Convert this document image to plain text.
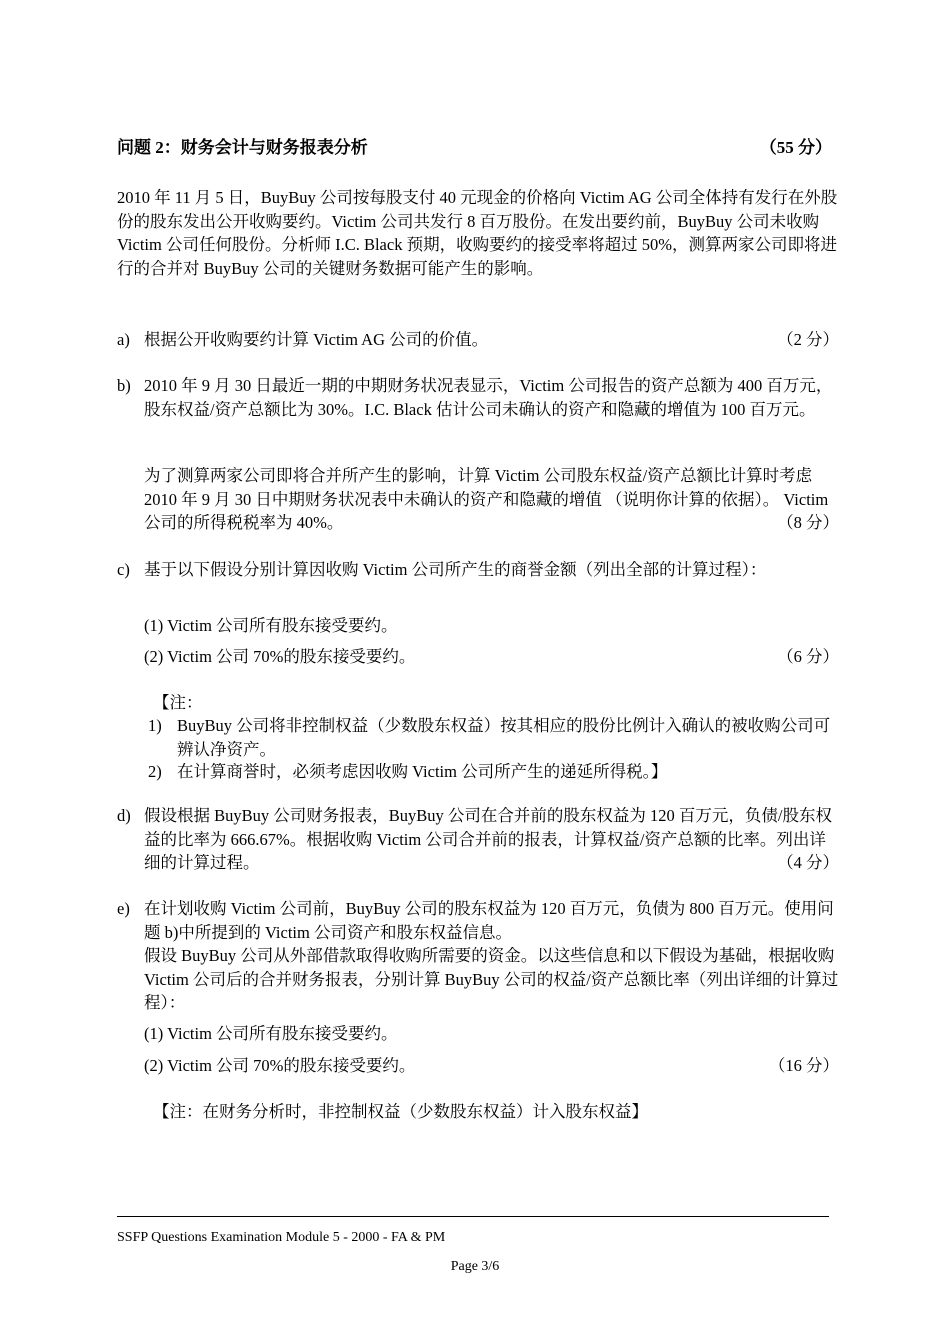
问题 2：财务会计与财务报表分析	（55 分）
2010 年 11 月 5 日，BuyBuy 公司按每股支付 40 元现金的价格向 Victim AG 公司全体持有发行在外股份的股东发出公开收购要约。Victim 公司共发行 8 百万股份。在发出要约前，BuyBuy 公司未收购 Victim 公司任何股份。分析师 I.C. Black 预期，收购要约的接受率将超过 50%，测算两家公司即将进行的合并对 BuyBuy 公司的关键财务数据可能产生的影响。
a) 根据公开收购要约计算 Victim AG 公司的价值。	（2 分）
b) 2010 年 9 月 30 日最近一期的中期财务状况表显示，Victim 公司报告的资产总额为 400 百万元， 股东权益/资产总额比为 30%。I.C. Black 估计公司未确认的资产和隐藏的增值为 100 百万元。
为了测算两家公司即将合并所产生的影响，计算 Victim 公司股东权益/资产总额比计算时考虑 2010 年 9 月 30 日中期财务状况表中未确认的资产和隐藏的增值 （说明你计算的依据）。 Victim 公司的所得税税率为 40%。	（8 分）
c) 基于以下假设分别计算因收购 Victim 公司所产生的商誉金额（列出全部的计算过程）：
(1) Victim 公司所有股东接受要约。
(2) Victim 公司 70%的股东接受要约。	（6 分）
【注：
1) BuyBuy 公司将非控制权益（少数股东权益）按其相应的股份比例计入确认的被收购公司可辨认净资产。
2) 在计算商誉时，必须考虑因收购 Victim 公司所产生的递延所得税。】
d) 假设根据 BuyBuy 公司财务报表，BuyBuy 公司在合并前的股东权益为 120 百万元，负债/股东权益的比率为 666.67%。根据收购 Victim 公司合并前的报表，计算权益/资产总额的比率。列出详细的计算过程。	（4 分）
e) 在计划收购 Victim 公司前，BuyBuy 公司的股东权益为 120 百万元，负债为 800 百万元。使用问题 b)中所提到的 Victim 公司资产和股东权益信息。
假设 BuyBuy 公司从外部借款取得收购所需要的资金。以这些信息和以下假设为基础，根据收购 Victim 公司后的合并财务报表，分别计算 BuyBuy 公司的权益/资产总额比率（列出详细的计算过程）：
(1) Victim 公司所有股东接受要约。
(2) Victim 公司 70%的股东接受要约。	（16 分）
【注：在财务分析时，非控制权益（少数股东权益）计入股东权益】
SSFP Questions Examination Module 5 - 2000 - FA & PM
Page 3/6
